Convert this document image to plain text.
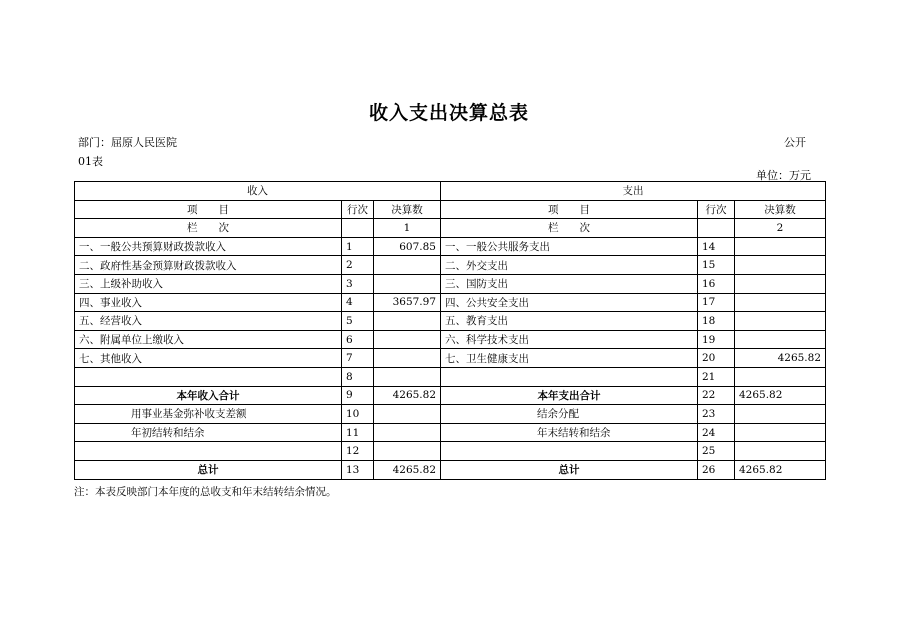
收入支出决算总表
部门：屈原人民医院	公开
01表
单位：万元
收入			支出		
项　　目	行次	决算数	项　　目	行次	决算数
栏　　次		1	栏　　次		2
一、一般公共预算财政拨款收入	1	607.85	一、一般公共服务支出	14	
二、政府性基金预算财政拨款收入	2		二、外交支出	15	
三、上级补助收入	3		三、国防支出	16	
四、事业收入	4	3657.97	四、公共安全支出	17	
五、经营收入	5		五、教育支出	18	
六、附属单位上缴收入	6		六、科学技术支出	19	
七、其他收入	7		七、卫生健康支出	20	4265.82
	8			21	
本年收入合计	9	4265.82	本年支出合计	22	4265.82
用事业基金弥补收支差额	10		结余分配	23	
年初结转和结余	11		年末结转和结余	24	
	12			25	
总计	13	4265.82	总计	26	4265.82
注：本表反映部门本年度的总收支和年末结转结余情况。
